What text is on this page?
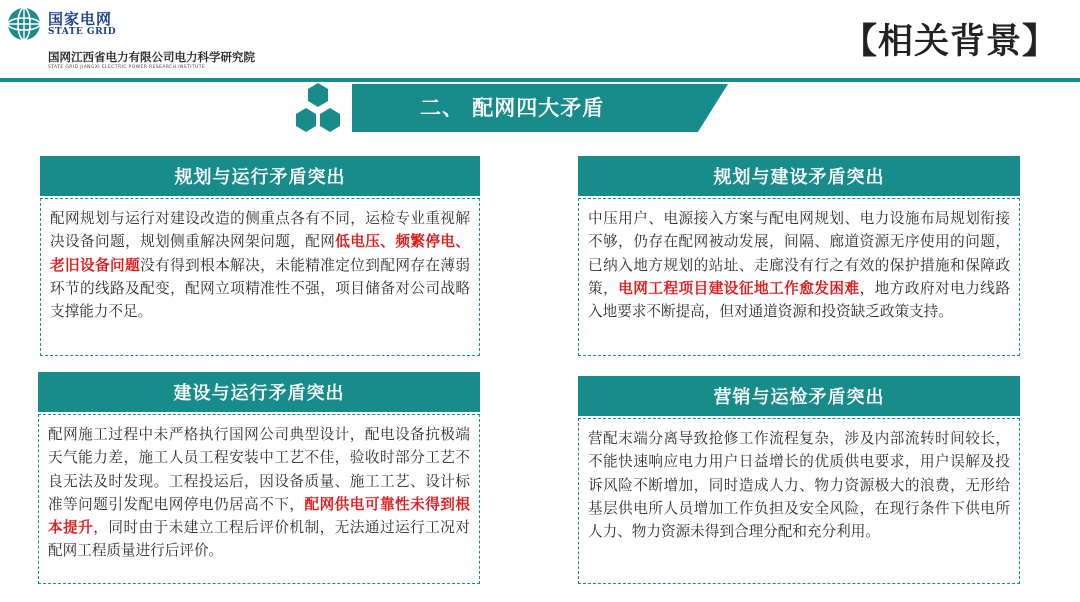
国家电网
STATE GRID
国网江西省电力有限公司电力科学研究院
STATE GRID JIANGXI ELECTRIC POWER RESEARCH INSTITUTE
【相关背景】
二、 配网四大矛盾
规划与运行矛盾突出
配网规划与运行对建设改造的侧重点各有不同，运检专业重视解决设备问题，规划侧重解决网架问题，配网低电压、频繁停电、老旧设备问题没有得到根本解决，未能精准定位到配网存在薄弱环节的线路及配变，配网立项精准性不强，项目储备对公司战略支撑能力不足。
规划与建设矛盾突出
中压用户、电源接入方案与配电网规划、电力设施布局规划衔接不够，仍存在配网被动发展，间隔、廊道资源无序使用的问题，已纳入地方规划的站址、走廊没有行之有效的保护措施和保障政策，电网工程项目建设征地工作愈发困难，地方政府对电力线路入地要求不断提高，但对通道资源和投资缺乏政策支持。
建设与运行矛盾突出
配网施工过程中未严格执行国网公司典型设计，配电设备抗极端天气能力差，施工人员工程安装中工艺不佳，验收时部分工艺不良无法及时发现。工程投运后，因设备质量、施工工艺、设计标准等问题引发配电网停电仍居高不下，配网供电可靠性未得到根本提升，同时由于未建立工程后评价机制，无法通过运行工况对配网工程质量进行后评价。
营销与运检矛盾突出
营配末端分离导致抢修工作流程复杂，涉及内部流转时间较长，不能快速响应电力用户日益增长的优质供电要求，用户误解及投诉风险不断增加，同时造成人力、物力资源极大的浪费，无形给基层供电所人员增加工作负担及安全风险，在现行条件下供电所人力、物力资源未得到合理分配和充分利用。
